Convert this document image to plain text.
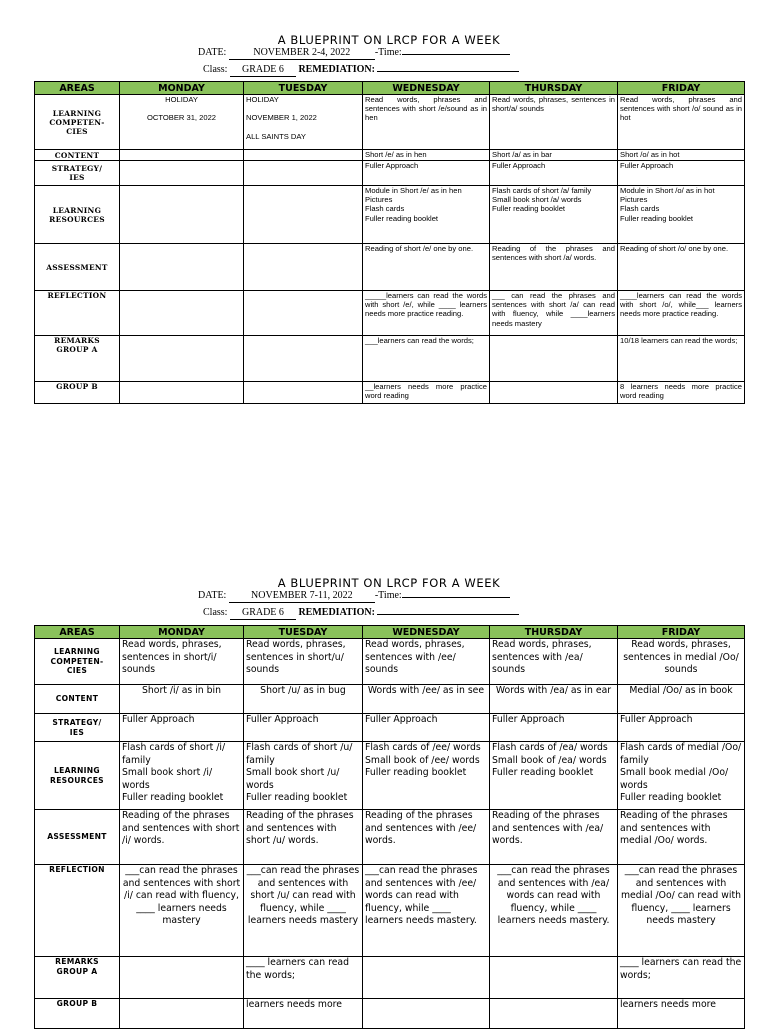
A BLUEPRINT ON LRCP FOR A WEEK
DATE:	NOVEMBER 2-4, 2022 -Time:
Class: GRADE 6 REMEDIATION:
AREAS	MONDAY	TUESDAY	WEDNESDAY	THURSDAY	FRIDAY
LEARNING
COMPETEN-
CIES	HOLIDAY

OCTOBER 31, 2022	HOLIDAY

NOVEMBER 1, 2022

ALL SAINTS DAY	Read words, phrases and sentences with short /e/sound as in hen	Read words, phrases, sentences in short/a/ sounds	Read words, phrases and sentences with short /o/ sound as in hot
CONTENT			Short /e/ as in hen	Short /a/ as in bar	Short /o/ as in hot
STRATEGY/
IES			Fuller Approach	Fuller Approach	Fuller Approach
LEARNING
RESOURCES			Module in Short /e/ as in hen
Pictures
Flash cards
Fuller reading booklet	Flash cards of short /a/ family
Small book short /a/ words
Fuller reading booklet	Module in Short /o/ as in hot
Pictures
Flash cards
Fuller reading booklet
ASSESSMENT			Reading of short /e/ one by one.	Reading of the phrases and sentences with short /a/ words.	Reading of short /o/ one by one.
REFLECTION			_____learners can read the words with short /e/, while ____ learners needs more practice reading.	___ can read the phrases and sentences with short /a/ can read with fluency, while ____learners needs mastery	____learners can read the words with short /o/, while___ learners needs more practice reading.
REMARKS
GROUP A			___learners can read the words;		10/18 learners can read the words;
GROUP B			__learners needs more practice word reading		8 learners needs more practice word reading
A BLUEPRINT ON LRCP FOR A WEEK
DATE: NOVEMBER 7-11, 2022 -Time:
Class: GRADE 6 REMEDIATION:
AREAS	MONDAY	TUESDAY	WEDNESDAY	THURSDAY	FRIDAY
LEARNING
COMPETEN-
CIES	Read words, phrases, sentences in short/i/ sounds	Read words, phrases, sentences in short/u/ sounds	Read words, phrases, sentences with /ee/ sounds	Read words, phrases, sentences with /ea/ sounds	Read words, phrases, sentences in medial /Oo/ sounds
CONTENT	Short /i/ as in bin	Short /u/ as in bug	Words with /ee/ as in see	Words with /ea/ as in ear	Medial /Oo/ as in book
STRATEGY/
IES	Fuller Approach	Fuller Approach	Fuller Approach	Fuller Approach	Fuller Approach
LEARNING
RESOURCES	Flash cards of short /i/ family
Small book short /i/ words
Fuller reading booklet	Flash cards of short /u/ family
Small book short /u/ words
Fuller reading booklet	Flash cards of /ee/ words
Small book of /ee/ words
Fuller reading booklet	Flash cards of /ea/ words
Small book of /ea/ words
Fuller reading booklet	Flash cards of medial /Oo/ family
Small book medial /Oo/ words
Fuller reading booklet
ASSESSMENT	Reading of the phrases and sentences with short /i/ words.	Reading of the phrases and sentences with short /u/ words.	Reading of the phrases and sentences with /ee/ words.	Reading of the phrases and sentences with /ea/ words.	Reading of the phrases and sentences with medial /Oo/ words.
REFLECTION	___can read the phrases and sentences with short /i/ can read with fluency, ____ learners needs mastery	___can read the phrases and sentences with short /u/ can read with fluency, while ____ learners needs mastery	___can read the phrases and sentences with /ee/ words can read with fluency, while ____ learners needs mastery.	___can read the phrases and sentences with /ea/ words can read with fluency, while ____ learners needs mastery.	___can read the phrases and sentences with medial /Oo/ can read with fluency, ____ learners needs mastery
REMARKS
GROUP A		____ learners can read the words;			____ learners can read the words;
GROUP B		learners needs more			learners needs more
